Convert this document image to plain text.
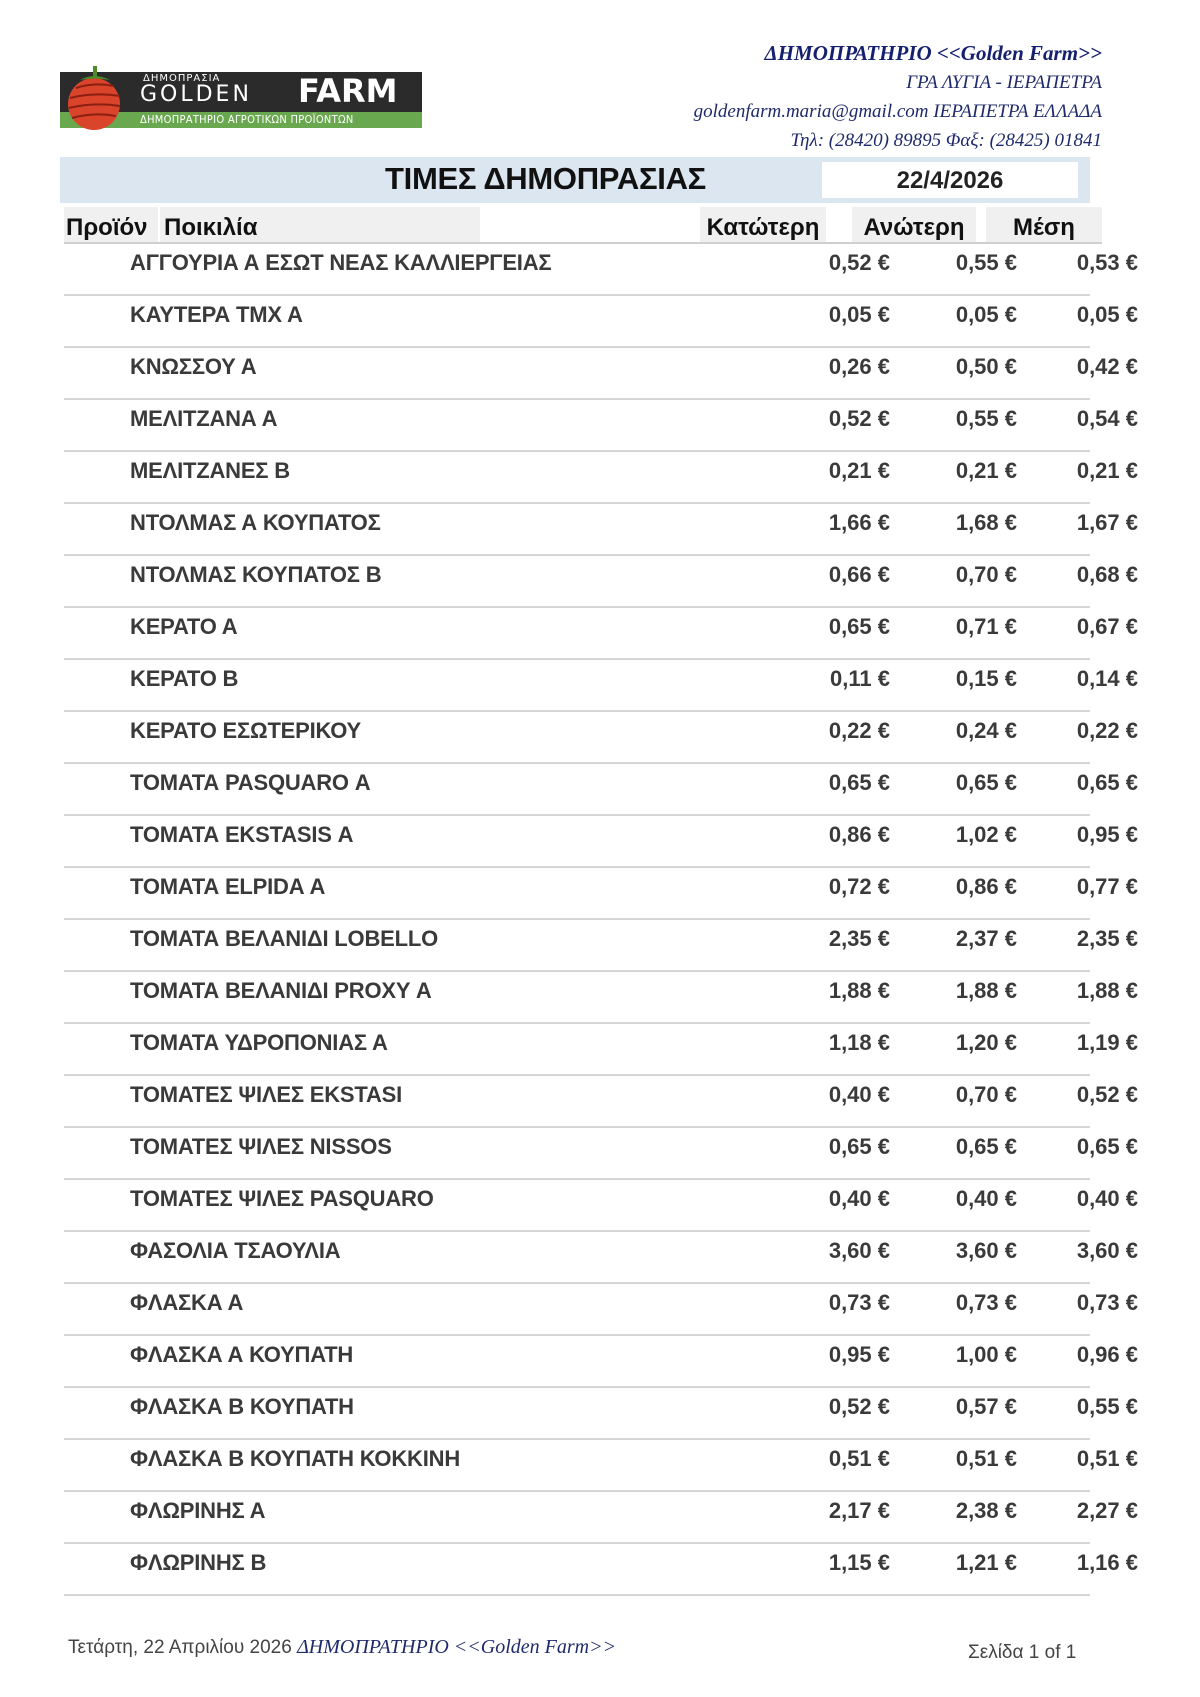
ΔΗΜΟΠΡΑΣΙΑ
GOLDEN FARM
ΔΗΜΟΠΡΑΤΗΡΙΟ ΑΓΡΟΤΙΚΩΝ ΠΡΟΪΟΝΤΩΝ
ΔΗΜΟΠΡΑΤΗΡΙΟ <<Golden Farm>>
ΓΡΑ ΛΥΓΙΑ - ΙΕΡΑΠΕΤΡΑ
goldenfarm.maria@gmail.com ΙΕΡΑΠΕΤΡΑ ΕΛΛΑΔΑ
Τηλ: (28420) 89895 Φαξ: (28425) 01841
ΤΙΜΕΣ ΔΗΜΟΠΡΑΣΙΑΣ	22/4/2026
Προϊόν Ποικιλία	Κατώτερη	Ανώτερη	Μέση
ΑΓΓΟΥΡΙΑ Α ΕΣΩΤ ΝΕΑΣ ΚΑΛΛΙΕΡΓΕΙΑΣ	0,52 €	0,55 €	0,53 €
ΚΑΥΤΕΡΑ ΤΜΧ Α	0,05 €	0,05 €	0,05 €
ΚΝΩΣΣΟΥ Α	0,26 €	0,50 €	0,42 €
ΜΕΛΙΤΖΑΝΑ Α	0,52 €	0,55 €	0,54 €
ΜΕΛΙΤΖΑΝΕΣ Β	0,21 €	0,21 €	0,21 €
ΝΤΟΛΜΑΣ Α ΚΟΥΠΑΤΟΣ	1,66 €	1,68 €	1,67 €
ΝΤΟΛΜΑΣ ΚΟΥΠΑΤΟΣ Β	0,66 €	0,70 €	0,68 €
ΚΕΡΑΤΟ Α	0,65 €	0,71 €	0,67 €
ΚΕΡΑΤΟ Β	0,11 €	0,15 €	0,14 €
ΚΕΡΑΤΟ ΕΣΩΤΕΡΙΚΟΥ	0,22 €	0,24 €	0,22 €
ΤΟΜΑΤΑ PASQUARO Α	0,65 €	0,65 €	0,65 €
ΤΟΜΑΤΑ EKSTASIS Α	0,86 €	1,02 €	0,95 €
ΤΟΜΑΤΑ ELPIDA Α	0,72 €	0,86 €	0,77 €
ΤΟΜΑΤΑ ΒΕΛΑΝΙΔΙ LOBELLO	2,35 €	2,37 €	2,35 €
ΤΟΜΑΤΑ ΒΕΛΑΝΙΔΙ PROXY Α	1,88 €	1,88 €	1,88 €
ΤΟΜΑΤΑ ΥΔΡΟΠΟΝΙΑΣ Α	1,18 €	1,20 €	1,19 €
ΤΟΜΑΤΕΣ ΨΙΛΕΣ EKSTASI	0,40 €	0,70 €	0,52 €
ΤΟΜΑΤΕΣ ΨΙΛΕΣ NISSOS	0,65 €	0,65 €	0,65 €
ΤΟΜΑΤΕΣ ΨΙΛΕΣ PASQUARO	0,40 €	0,40 €	0,40 €
ΦΑΣΟΛΙΑ ΤΣΑΟΥΛΙΑ	3,60 €	3,60 €	3,60 €
ΦΛΑΣΚΑ Α	0,73 €	0,73 €	0,73 €
ΦΛΑΣΚΑ Α ΚΟΥΠΑΤΗ	0,95 €	1,00 €	0,96 €
ΦΛΑΣΚΑ Β ΚΟΥΠΑΤΗ	0,52 €	0,57 €	0,55 €
ΦΛΑΣΚΑ Β ΚΟΥΠΑΤΗ ΚΟΚΚΙΝΗ	0,51 €	0,51 €	0,51 €
ΦΛΩΡΙΝΗΣ Α	2,17 €	2,38 €	2,27 €
ΦΛΩΡΙΝΗΣ Β	1,15 €	1,21 €	1,16 €
Τετάρτη, 22 Απριλίου 2026 ΔΗΜΟΠΡΑΤΗΡΙΟ <<Golden Farm>>	Σελίδα 1 of 1
